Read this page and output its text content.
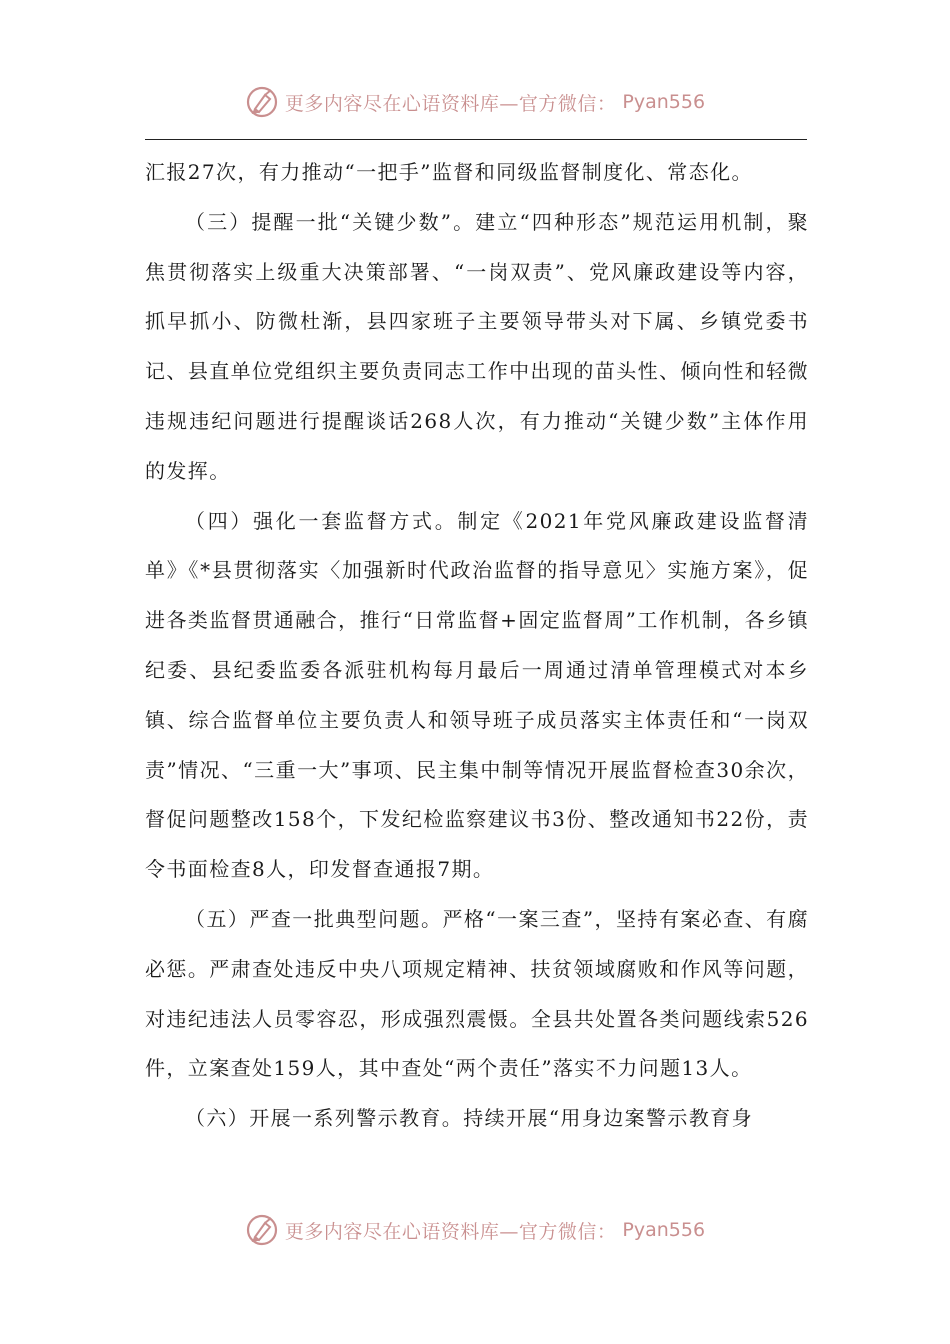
更多内容尽在心语资料库—官方微信： Pyan556

汇报27次，有力推动“一把手”监督和同级监督制度化、常态化。

（三）提醒一批“关键少数”。建立“四种形态”规范运用机制，聚焦贯彻落实上级重大决策部署、“一岗双责”、党风廉政建设等内容，抓早抓小、防微杜渐，县四家班子主要领导带头对下属、乡镇党委书记、县直单位党组织主要负责同志工作中出现的苗头性、倾向性和轻微违规违纪问题进行提醒谈话268人次，有力推动“关键少数”主体作用的发挥。

（四）强化一套监督方式。制定《2021年党风廉政建设监督清单》《*县贯彻落实〈加强新时代政治监督的指导意见〉实施方案》，促进各类监督贯通融合，推行“日常监督+固定监督周”工作机制，各乡镇纪委、县纪委监委各派驻机构每月最后一周通过清单管理模式对本乡镇、综合监督单位主要负责人和领导班子成员落实主体责任和“一岗双责”情况、“三重一大”事项、民主集中制等情况开展监督检查30余次，督促问题整改158个，下发纪检监察建议书3份、整改通知书22份，责令书面检查8人，印发督查通报7期。

（五）严查一批典型问题。严格“一案三查”，坚持有案必查、有腐必惩。严肃查处违反中央八项规定精神、扶贫领域腐败和作风等问题，对违纪违法人员零容忍，形成强烈震慑。全县共处置各类问题线索526件，立案查处159人，其中查处“两个责任”落实不力问题13人。

（六）开展一系列警示教育。持续开展“用身边案警示教育身

更多内容尽在心语资料库—官方微信： Pyan556
